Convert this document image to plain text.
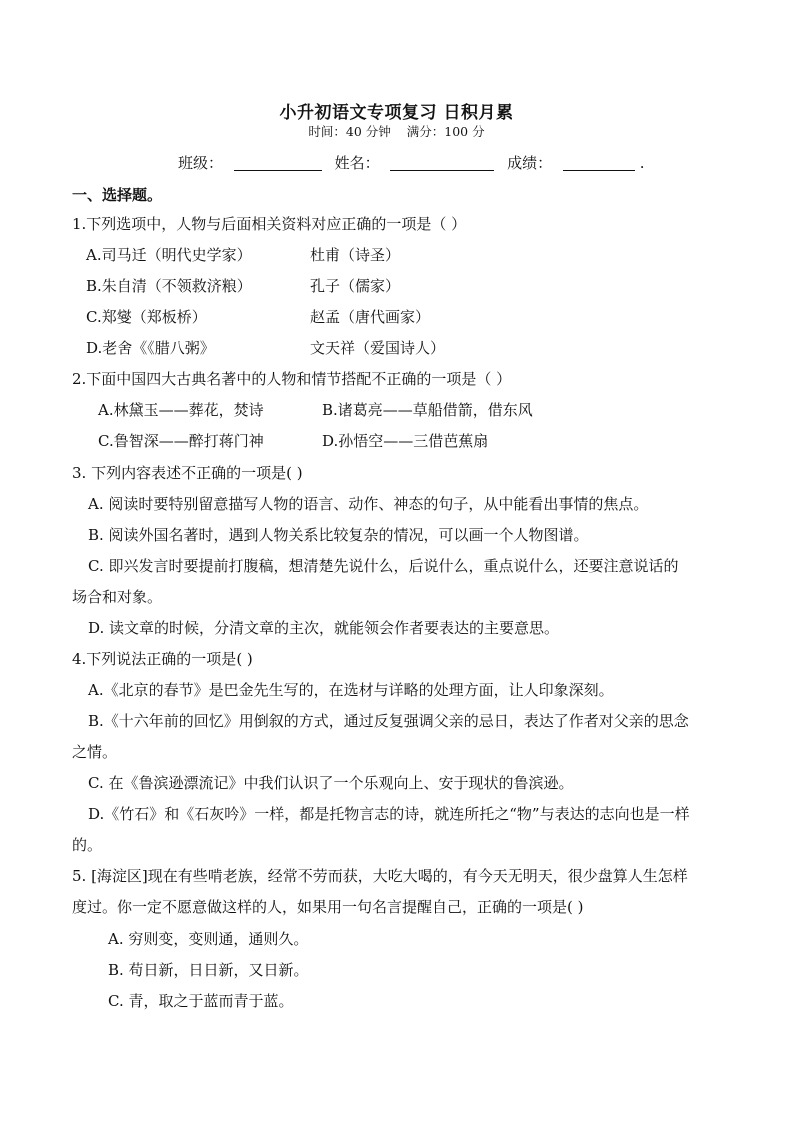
小升初语文专项复习 日积月累
时间：40 分钟 满分：100 分
班级：	姓名：	成绩：	.
一、选择题。
1.下列选项中，人物与后面相关资料对应正确的一项是（ ）
A.司马迁（明代史学家）	杜甫（诗圣）
B.朱自清（不领救济粮）	孔子（儒家）
C.郑燮（郑板桥）	赵孟（唐代画家）
D.老舍《《腊八粥》	文天祥（爱国诗人）
2.下面中国四大古典名著中的人物和情节搭配不正确的一项是（ ）
A.林黛玉——葬花，焚诗	B.诸葛亮——草船借箭，借东风
C.鲁智深——醉打蒋门神	D.孙悟空——三借芭蕉扇
3. 下列内容表述不正确的一项是( )
A. 阅读时要特别留意描写人物的语言、动作、神态的句子，从中能看出事情的焦点。
B. 阅读外国名著时，遇到人物关系比较复杂的情况，可以画一个人物图谱。
C. 即兴发言时要提前打腹稿，想清楚先说什么，后说什么，重点说什么，还要注意说话的
场合和对象。
D. 读文章的时候，分清文章的主次，就能领会作者要表达的主要意思。
4.下列说法正确的一项是( )
A.《北京的春节》是巴金先生写的，在选材与详略的处理方面，让人印象深刻。
B.《十六年前的回忆》用倒叙的方式，通过反复强调父亲的忌日，表达了作者对父亲的思念
之情。
C. 在《鲁滨逊漂流记》中我们认识了一个乐观向上、安于现状的鲁滨逊。
D.《竹石》和《石灰吟》一样，都是托物言志的诗，就连所托之“物”与表达的志向也是一样
的。
5. [海淀区]现在有些啃老族，经常不劳而获，大吃大喝的，有今天无明天，很少盘算人生怎样
度过。你一定不愿意做这样的人，如果用一句名言提醒自己，正确的一项是( )
A. 穷则变，变则通，通则久。
B. 苟日新，日日新，又日新。
C. 青，取之于蓝而青于蓝。
